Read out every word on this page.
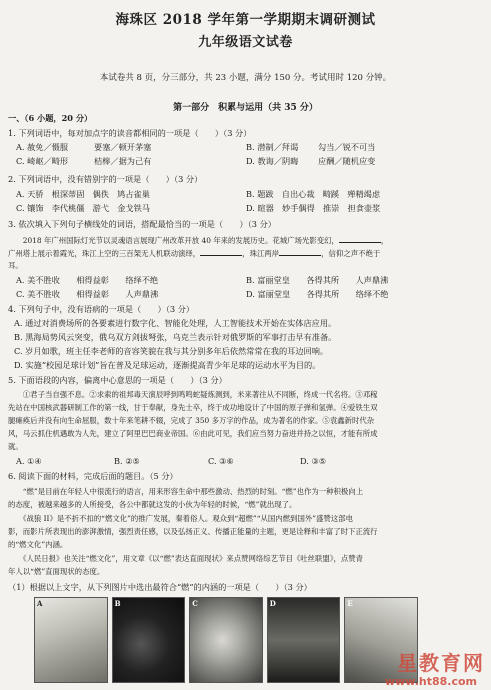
海珠区 2018 学年第一学期期末调研测试
九年级语文试卷
本试卷共 8 页，分三部分，共 23 小题，满分 150 分。考试用时 120 分钟。
第一部分　积累与运用（共 35 分）
一、（6 小题，20 分）
1. 下列词语中，每对加点字的读音都相同的一项是（　　）（3 分）
A. 赦免／慑服	要塞／顿开茅塞	B. 潜制／拜谒 勾当／锐不可当
C. 崎岖／畸形	桔槔／据为己有	D. 教诲／阴晦 应酬／随机应变
2. 下列词语中，没有错别字的一项是（　　）（3 分）
A. 天骄　根深蒂固　偶佚　鸠占雀巢	B. 题跋　自出心裁　畸蹊　殚精竭虑
C. 镶饰　李代桃僵　游弋　金戈铁马	D. 暄器　妙手偶得　推崇　担食壶浆
3. 依次填入下列句子横线处的词语，搭配最恰当的一项是（　　）（3 分）
　　2018 年广州国际灯光节以灵魂语言展现广州改革开放 40 年来的发展历史。花城广场光影变幻，	，
广州塔上展示着霞光，珠江上空的三百架无人机联动演绎，	，珠江两岸	，信仰之声不绝于
耳。
A. 美不胜收　　相得益彰　　络绎不绝	B. 富丽堂皇　　各得其所　　人声鼎沸
C. 美不胜收　　相得益彰　　人声鼎沸	D. 富丽堂皇　　各得其所　　络绎不绝
4. 下列句子中，没有语病的一项是（　　）（3 分）
A. 通过对消费场所的各要素进行数字化、智能化处理，人工智能技术开始在实体店应用。
B. 黑海局势风云突变，俄乌双方剑拔弩张，乌克兰表示针对俄罗斯的军事打击早有准备。
C. 岁月如歌，班主任李老师的音容笑貌在我与其分别多年后依然常常在我的耳边回响。
D. 实施“校园足球计划”旨在普及足球运动，逐渐提高青少年足球的运动水平为目的。
5. 下面语段的内容，偏离中心意思的一项是（　　）（3 分）
　　①君子当自强不息。②求索的祖邦毒天演辰呼到鸣鸣蛇疑炼测到，米来著往从不同断，终成一代名将。③邓稼
先站在中国核武器研制工作的第一线，甘于奉献，身先士卒，终于成功地设计了中国的原子弹和氢弹。④爱铁生双
腿瘫痪后并没有向生命屈服，数十年来笔耕不辍，完成了 350 多万字的作品，成为著名的作家。⑤袁鑫新时代杂
风，马云抓住机遇敢为人先，建立了阿里巴巴商业帝国。⑥由此可见，我们应当努力奋进并持之以恒，才能有所成
就。
A. ①④	B. ②⑤	C. ③⑥	D. ③⑤
6. 阅读下面的材料，完成后面的题目。（5 分）
　　“燃”是目前在年轻人中很流行的语言，用来形容生命中那些激动、热烈的时刻。“燃”也作为一种积极向上
的态度，被越来越多的人所接受，各公中都就这发的小伙为年轻的时候，“燃”就出现了。
　　《战狼 II》是不折不扣的“燃文化”的推广发展，秦着俗人。观众到“超燃”“从国内燃到国外”盛赞这部电
影，而影片所表现出的澎湃激情，强烈责任感，以及弘扬正义、传播正能量的主题，更是诠释和丰富了时下正流行
的“燃文化”内涵。
　　《人民日报》也关注“燃文化”，用文章《以“燃”表达直面现状》来点赞网络综艺节目《吐丝联盟》，点赞青
年人以“燃”直面现状的态度。
（1）根据以上文字，从下列图片中选出最符合“燃”的内涵的一项是（　　）（3 分）
A	B	C	D	E
星教育网
www.ht88.com
